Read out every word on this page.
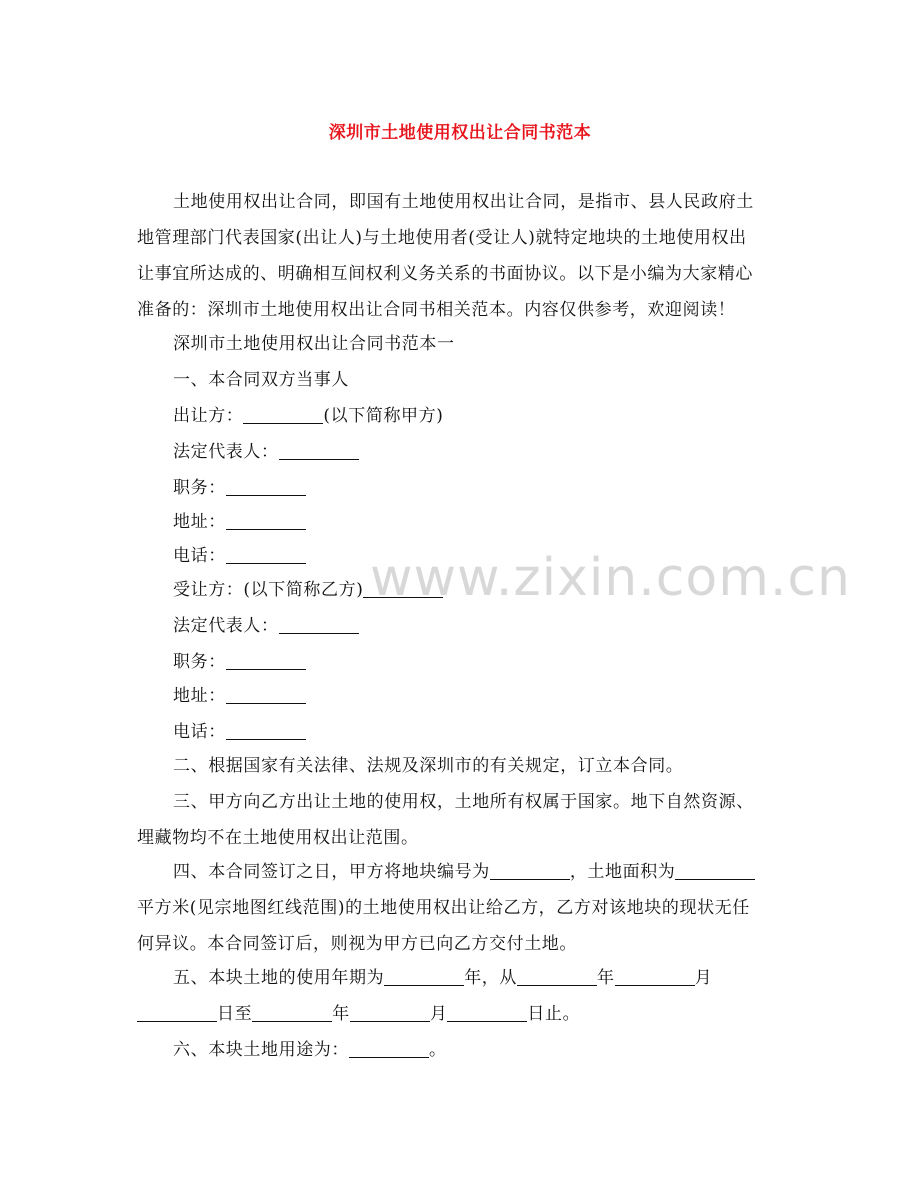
深圳市土地使用权出让合同书范本
土地使用权出让合同，即国有土地使用权出让合同，是指市、县人民政府土
地管理部门代表国家(出让人)与土地使用者(受让人)就特定地块的土地使用权出
让事宜所达成的、明确相互间权利义务关系的书面协议。以下是小编为大家精心
准备的：深圳市土地使用权出让合同书相关范本。内容仅供参考，欢迎阅读！
深圳市土地使用权出让合同书范本一
一、本合同双方当事人
出让方：	(以下简称甲方)
法定代表人：
职务：
地址：
电话：
受让方：(以下简称乙方)
法定代表人：
职务：
地址：
电话：
二、根据国家有关法律、法规及深圳市的有关规定，订立本合同。
三、甲方向乙方出让土地的使用权，土地所有权属于国家。地下自然资源、
埋藏物均不在土地使用权出让范围。
四、本合同签订之日，甲方将地块编号为	，土地面积为
平方米(见宗地图红线范围)的土地使用权出让给乙方，乙方对该地块的现状无任
何异议。本合同签订后，则视为甲方已向乙方交付土地。
五、本块土地的使用年期为	年，从	年	月
日至	年	月	日止。
六、本块土地用途为：	。
www.zixin.com.cn
